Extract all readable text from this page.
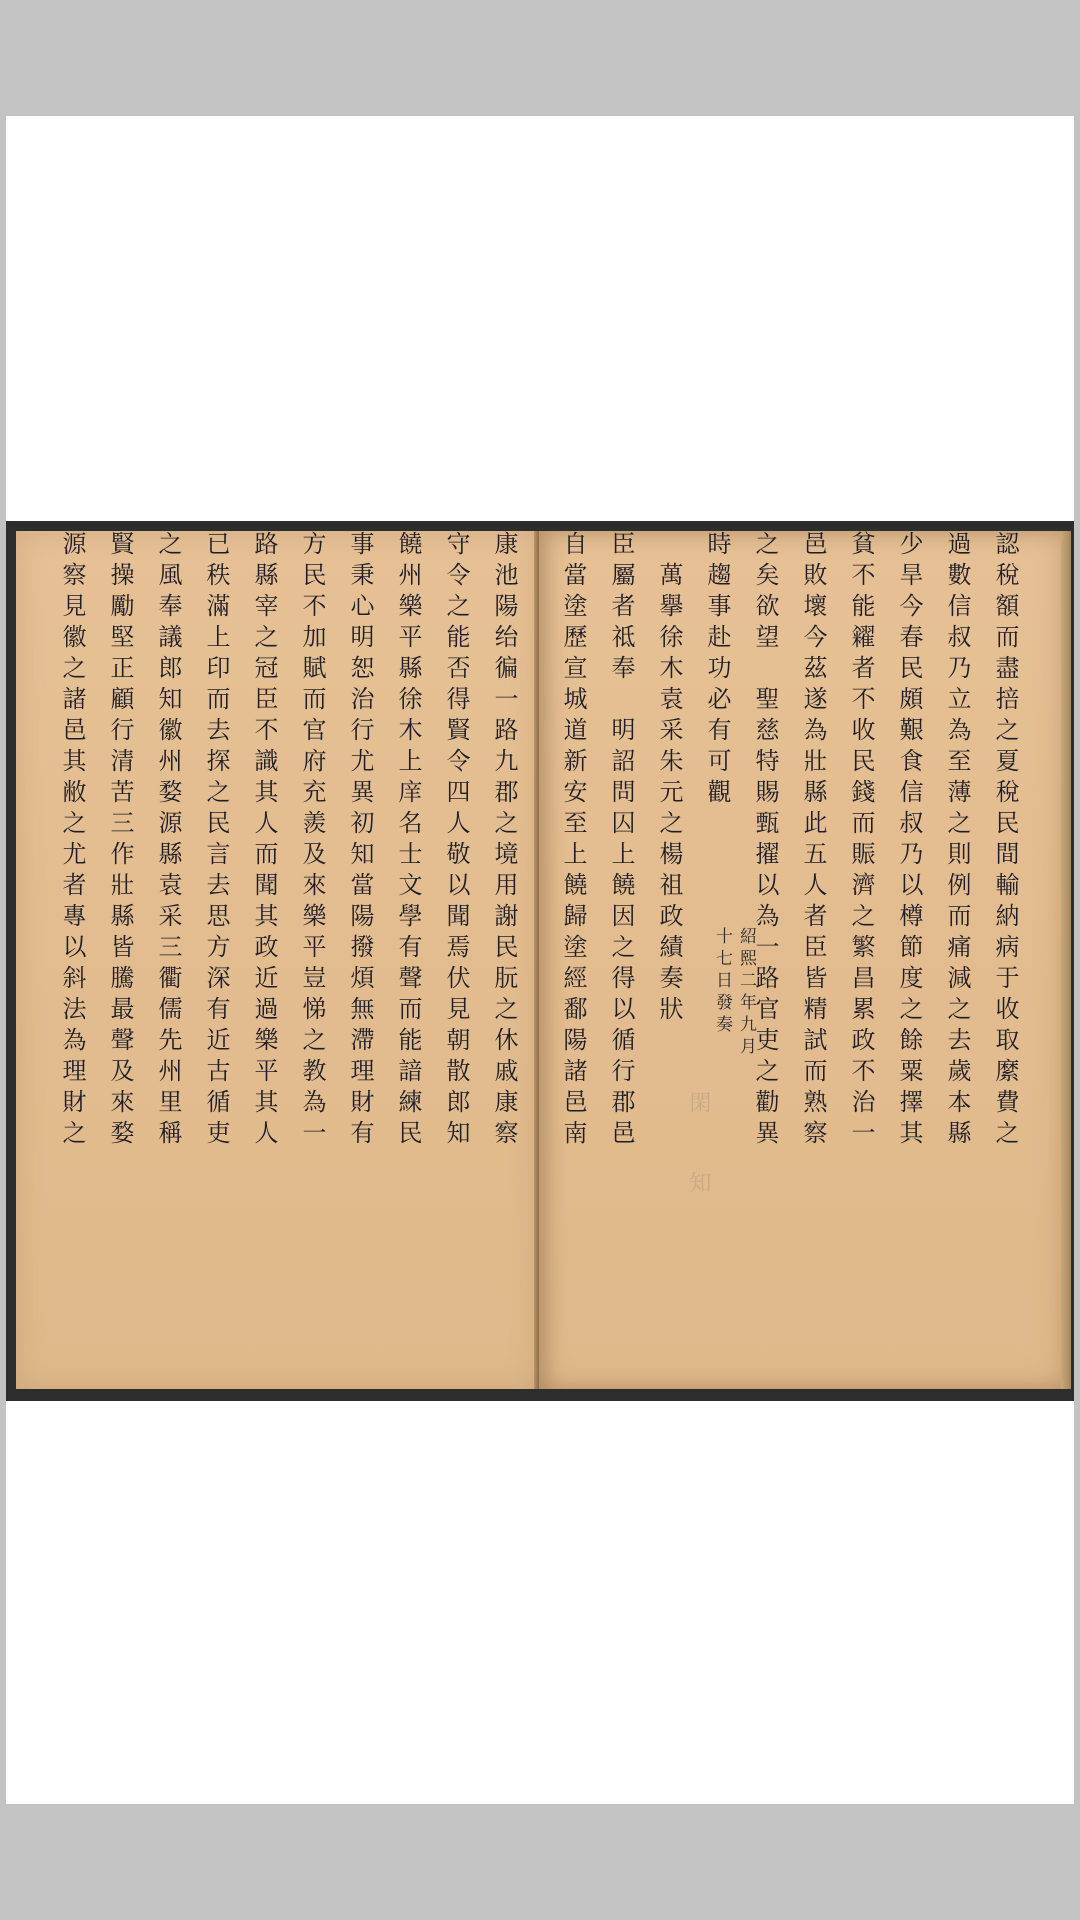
康池陽绐徧一路九郡之境用謝民朊之休戚康察
守令之能否得賢令四人敬以聞焉伏見朝散郎知
饒州樂平縣徐木上庠名士文學有聲而能諳練民
事秉心明恕治行尤異初知當陽撥煩無滯理財有
方民不加賦而官府充羨及來樂平豈悌之教為一
路縣宰之冠臣不識其人而聞其政近過樂平其人
已秩滿上印而去探之民言去思方深有近古循吏
之風奉議郎知徽州婺源縣袁采三衢儒先州里稱
賢操勵堅正顧行清苦三作壯縣皆騰最聲及來婺
源察見徽之諸邑其敝之尤者專以斜法為理財之	認稅額而盡掊之夏稅民間輸納病于收取縻費之
過數信叔乃立為至薄之則例而痛減之去歲本縣
少旱今春民頗艱食信叔乃以樽節度之餘粟擇其
貧不能糴者不收民錢而賑濟之繁昌累政不治一
邑敗壞今茲遂為壯縣此五人者臣皆精試而熟察
之矣欲望　聖慈特賜甄擢以為一路官吏之勸異
時趨事赴功必有可觀
紹熙二年九月
十七日發奏
　萬擧徐木袁采朱元之楊祖政績奏狀
臣屬者祗奉　明詔問囚上饒因之得以循行郡邑
自當塗歷宣城道新安至上饒歸塗經鄱陽諸邑南	閑
知
